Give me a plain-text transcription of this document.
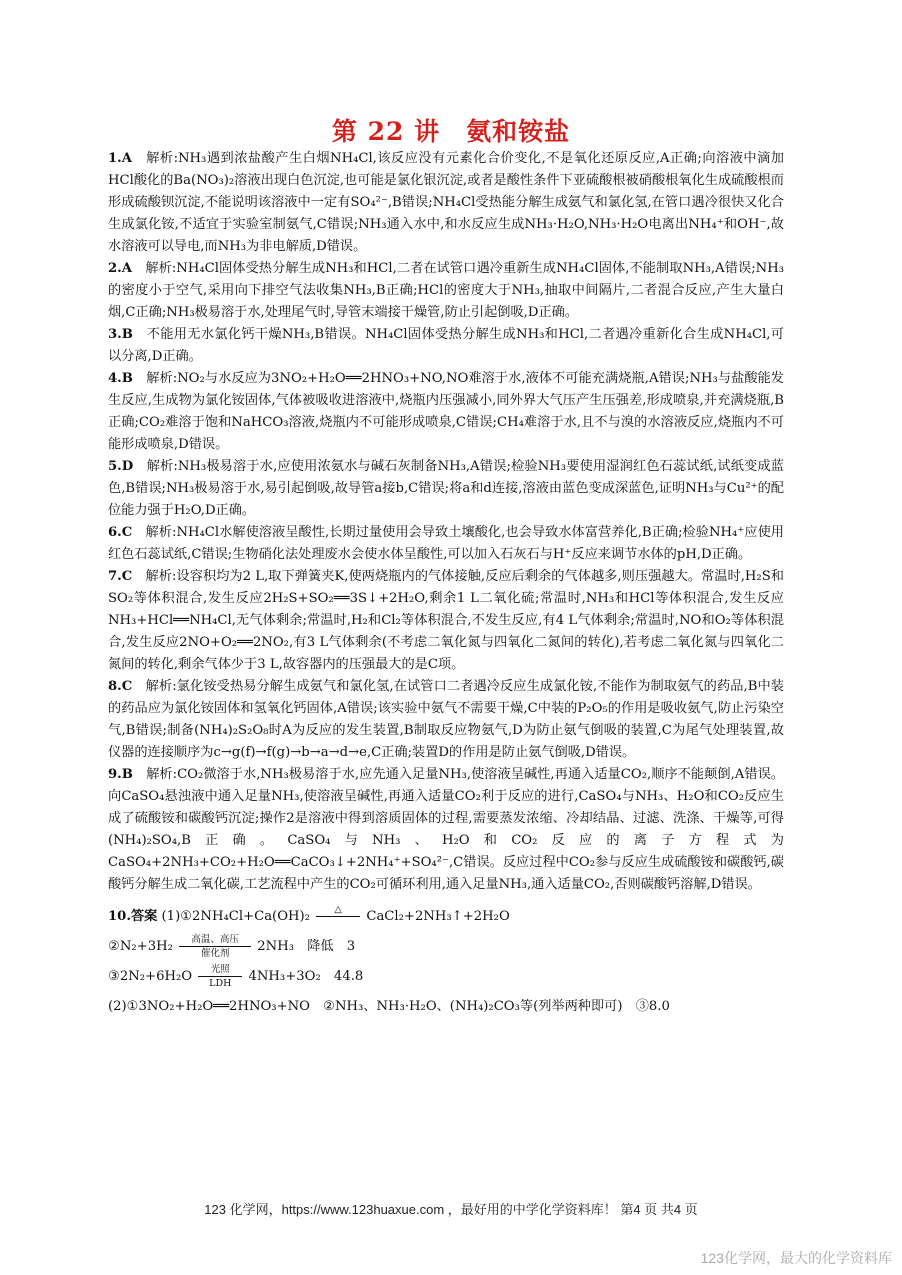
第 22 讲　氨和铵盐
1.A　解析:NH₃遇到浓盐酸产生白烟NH₄Cl,该反应没有元素化合价变化,不是氧化还原反应,A正确;向溶液中滴加HCl酸化的Ba(NO₃)₂溶液出现白色沉淀,也可能是氯化银沉淀,或者是酸性条件下亚硫酸根被硝酸根氧化生成硫酸根而形成硫酸钡沉淀,不能说明该溶液中一定有SO₄²⁻,B错误;NH₄Cl受热能分解生成氨气和氯化氢,在管口遇冷很快又化合生成氯化铵,不适宜于实验室制氨气,C错误;NH₃通入水中,和水反应生成NH₃·H₂O,NH₃·H₂O电离出NH₄⁺和OH⁻,故水溶液可以导电,而NH₃为非电解质,D错误。
2.A　解析:NH₄Cl固体受热分解生成NH₃和HCl,二者在试管口遇冷重新生成NH₄Cl固体,不能制取NH₃,A错误;NH₃的密度小于空气,采用向下排空气法收集NH₃,B正确;HCl的密度大于NH₃,抽取中间隔片,二者混合反应,产生大量白烟,C正确;NH₃极易溶于水,处理尾气时,导管末端接干燥管,防止引起倒吸,D正确。
3.B　不能用无水氯化钙干燥NH₃,B错误。NH₄Cl固体受热分解生成NH₃和HCl,二者遇冷重新化合生成NH₄Cl,可以分离,D正确。
4.B　解析:NO₂与水反应为3NO₂+H₂O══2HNO₃+NO,NO难溶于水,液体不可能充满烧瓶,A错误;NH₃与盐酸能发生反应,生成物为氯化铵固体,气体被吸收进溶液中,烧瓶内压强减小,同外界大气压产生压强差,形成喷泉,并充满烧瓶,B正确;CO₂难溶于饱和NaHCO₃溶液,烧瓶内不可能形成喷泉,C错误;CH₄难溶于水,且不与溴的水溶液反应,烧瓶内不可能形成喷泉,D错误。
5.D　解析:NH₃极易溶于水,应使用浓氨水与碱石灰制备NH₃,A错误;检验NH₃要使用湿润红色石蕊试纸,试纸变成蓝色,B错误;NH₃极易溶于水,易引起倒吸,故导管a接b,C错误;将a和d连接,溶液由蓝色变成深蓝色,证明NH₃与Cu²⁺的配位能力强于H₂O,D正确。
6.C　解析:NH₄Cl水解使溶液呈酸性,长期过量使用会导致土壤酸化,也会导致水体富营养化,B正确;检验NH₄⁺应使用红色石蕊试纸,C错误;生物硝化法处理废水会使水体呈酸性,可以加入石灰石与H⁺反应来调节水体的pH,D正确。
7.C　解析:设容积均为2 L,取下弹簧夹K,使两烧瓶内的气体接触,反应后剩余的气体越多,则压强越大。常温时,H₂S和SO₂等体积混合,发生反应2H₂S+SO₂══3S↓+2H₂O,剩余1 L二氧化硫;常温时,NH₃和HCl等体积混合,发生反应NH₃+HCl══NH₄Cl,无气体剩余;常温时,H₂和Cl₂等体积混合,不发生反应,有4 L气体剩余;常温时,NO和O₂等体积混合,发生反应2NO+O₂══2NO₂,有3 L气体剩余(不考虑二氧化氮与四氧化二氮间的转化),若考虑二氧化氮与四氧化二氮间的转化,剩余气体少于3 L,故容器内的压强最大的是C项。
8.C　解析:氯化铵受热易分解生成氨气和氯化氢,在试管口二者遇冷反应生成氯化铵,不能作为制取氨气的药品,B中装的药品应为氯化铵固体和氢氧化钙固体,A错误;该实验中氨气不需要干燥,C中装的P₂O₅的作用是吸收氨气,防止污染空气,B错误;制备(NH₄)₂S₂O₈时A为反应的发生装置,B制取反应物氨气,D为防止氨气倒吸的装置,C为尾气处理装置,故仪器的连接顺序为c→g(f)→f(g)→b→a→d→e,C正确;装置D的作用是防止氨气倒吸,D错误。
9.B　解析:CO₂微溶于水,NH₃极易溶于水,应先通入足量NH₃,使溶液呈碱性,再通入适量CO₂,顺序不能颠倒,A错误。向CaSO₄悬浊液中通入足量NH₃,使溶液呈碱性,再通入适量CO₂利于反应的进行,CaSO₄与NH₃、H₂O和CO₂反应生成了硫酸铵和碳酸钙沉淀;操作2是溶液中得到溶质固体的过程,需要蒸发浓缩、冷却结晶、过滤、洗涤、干燥等,可得(NH₄)₂SO₄,B正确。CaSO₄与NH₃、H₂O和CO₂反应的离子方程式为CaSO₄+2NH₃+CO₂+H₂O══CaCO₃↓+2NH₄⁺+SO₄²⁻,C错误。反应过程中CO₂参与反应生成硫酸铵和碳酸钙,碳酸钙分解生成二氧化碳,工艺流程中产生的CO₂可循环利用,通入足量NH₃,通入适量CO₂,否则碳酸钙溶解,D错误。
10.答案 (1)①2NH₄Cl+Ca(OH)₂	△ CaCl₂+2NH₃↑+2H₂O
②N₂+3H₂ 高温、高压
催化剂 2NH₃　降低　3
③2N₂+6H₂O 光照
LDH 4NH₃+3O₂　44.8
(2)①3NO₂+H₂O══2HNO₃+NO　②NH₃、NH₃·H₂O、(NH₄)₂CO₃等(列举两种即可)　③8.0
123 化学网，https://www.123huaxue.com ，最好用的中学化学资料库！ 第4 页 共4 页
123化学网，最大的化学资料库
